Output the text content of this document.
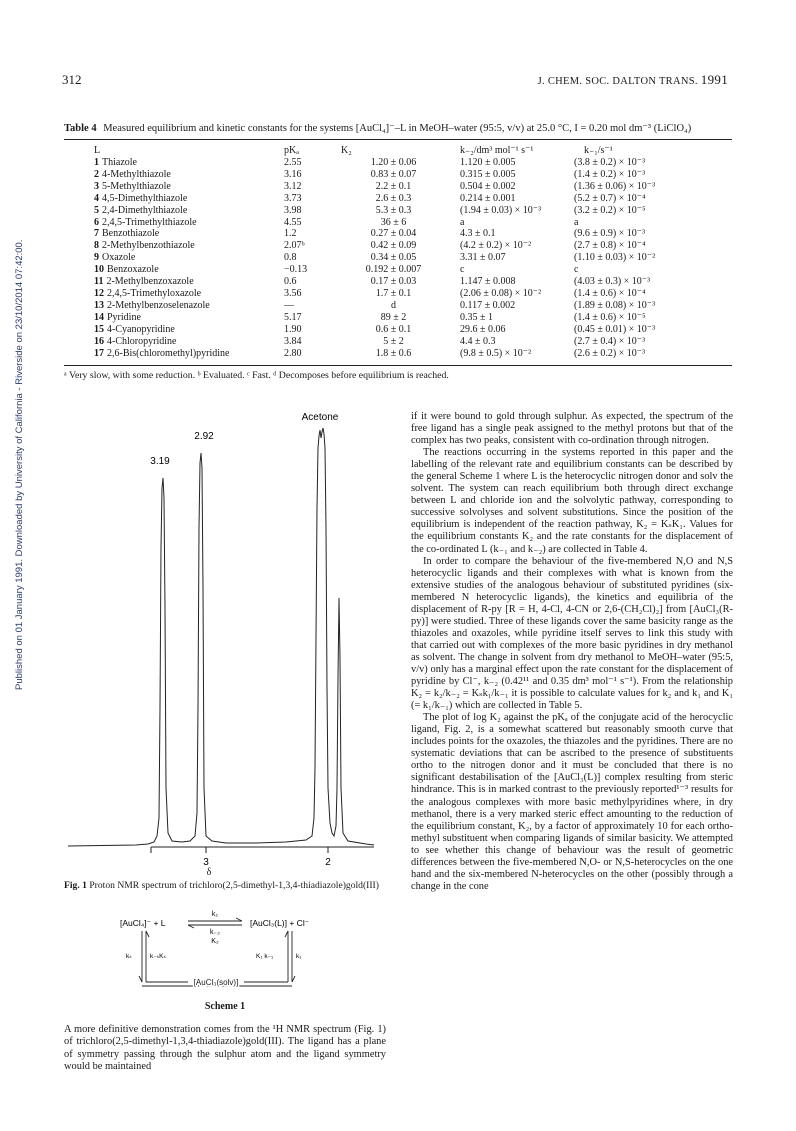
Published on 01 January 1991. Downloaded by University of California - Riverside on 23/10/2014 07:42:00.
312	J. CHEM. SOC. DALTON TRANS. 1991
Table 4 Measured equilibrium and kinetic constants for the systems [AuCl₄]⁻–L in MeOH–water (95:5, v/v) at 25.0 °C, I = 0.20 mol dm⁻³ (LiClO₄)
L	pKₐ	K₂	k₋₂/dm³ mol⁻¹ s⁻¹	k₋₁/s⁻¹
1 Thiazole	2.55	1.20 ± 0.06	1.120 ± 0.005	(3.8 ± 0.2) × 10⁻³
2 4-Methylthiazole	3.16	0.83 ± 0.07	0.315 ± 0.005	(1.4 ± 0.2) × 10⁻³
3 5-Methylthiazole	3.12	2.2 ± 0.1	0.504 ± 0.002	(1.36 ± 0.06) × 10⁻³
4 4,5-Dimethylthiazole	3.73	2.6 ± 0.3	0.214 ± 0.001	(5.2 ± 0.7) × 10⁻⁴
5 2,4-Dimethylthiazole	3.98	5.3 ± 0.3	(1.94 ± 0.03) × 10⁻³	(3.2 ± 0.2) × 10⁻⁵
6 2,4,5-Trimethylthiazole	4.55	36 ± 6	a	a
7 Benzothiazole	1.2	0.27 ± 0.04	4.3 ± 0.1	(9.6 ± 0.9) × 10⁻³
8 2-Methylbenzothiazole	2.07ᵇ	0.42 ± 0.09	(4.2 ± 0.2) × 10⁻²	(2.7 ± 0.8) × 10⁻⁴
9 Oxazole	0.8	0.34 ± 0.05	3.31 ± 0.07	(1.10 ± 0.03) × 10⁻²
10 Benzoxazole	−0.13	0.192 ± 0.007	c	c
11 2-Methylbenzoxazole	0.6	0.17 ± 0.03	1.147 ± 0.008	(4.03 ± 0.3) × 10⁻³
12 2,4,5-Trimethyloxazole	3.56	1.7 ± 0.1	(2.06 ± 0.08) × 10⁻²	(1.4 ± 0.6) × 10⁻⁴
13 2-Methylbenzoselenazole	—	d	0.117 ± 0.002	(1.89 ± 0.08) × 10⁻³
14 Pyridine	5.17	89 ± 2	0.35 ± 1	(1.4 ± 0.6) × 10⁻⁵
15 4-Cyanopyridine	1.90	0.6 ± 0.1	29.6 ± 0.06	(0.45 ± 0.01) × 10⁻³
16 4-Chloropyridine	3.84	5 ± 2	4.4 ± 0.3	(2.7 ± 0.4) × 10⁻³
17 2,6-Bis(chloromethyl)pyridine	2.80	1.8 ± 0.6	(9.8 ± 0.5) × 10⁻²	(2.6 ± 0.2) × 10⁻³
ᵃ Very slow, with some reduction. ᵇ Evaluated. ᶜ Fast. ᵈ Decomposes before equilibrium is reached.
Acetone
2.92
3.19
3	2
δ
Fig. 1 Proton NMR spectrum of trichloro(2,5-dimethyl-1,3,4-thiadiazole)gold(III)
[AuCl₄]⁻ + L	[AuCl₃(L)] + Cl⁻
k₂
k₋₂
K₂
kₛ	k₋ₛKₛ	K₁ k₋₁	k₁
[AuCl₃(solv)]
Scheme 1
A more definitive demonstration comes from the ¹H NMR spectrum (Fig. 1) of trichloro(2,5-dimethyl-1,3,4-thiadiazole)gold(III). The ligand has a plane of symmetry passing through the sulphur atom and the ligand symmetry would be maintained

if it were bound to gold through sulphur. As expected, the spectrum of the free ligand has a single peak assigned to the methyl protons but that of the complex has two peaks, consistent with co-ordination through nitrogen.

The reactions occurring in the systems reported in this paper and the labelling of the relevant rate and equilibrium constants can be described by the general Scheme 1 where L is the heterocyclic nitrogen donor and solv the solvent. The system can reach equilibrium both through direct exchange between L and chloride ion and the solvolytic pathway, corresponding to successive solvolyses and solvent substitutions. Since the position of the equilibrium is independent of the reaction pathway, K₂ = KₛK₁. Values for the equilibrium constants K₂ and the rate constants for the displacement of the co-ordinated L (k₋₁ and k₋₂) are collected in Table 4.

In order to compare the behaviour of the five-membered N,O and N,S heterocyclic ligands and their complexes with what is known from the extensive studies of the analogous behaviour of substituted pyridines (six-membered N heterocyclic ligands), the kinetics and equilibria of the displacement of R-py [R = H, 4-Cl, 4-CN or 2,6-(CH₂Cl)₂] from [AuCl₃(R-py)] were studied. Three of these ligands cover the same basicity range as the thiazoles and oxazoles, while pyridine itself serves to link this study with that carried out with complexes of the more basic pyridines in dry methanol as solvent. The change in solvent from dry methanol to MeOH–water (95:5, v/v) only has a marginal effect upon the rate constant for the displacement of pyridine by Cl⁻, k₋₂ (0.42¹¹ and 0.35 dm³ mol⁻¹ s⁻¹). From the relationship K₂ = k₂/k₋₂ = Kₛk₁/k₋₁ it is possible to calculate values for k₂ and k₁ and K₁ (= k₁/k₋₁) which are collected in Table 5.

The plot of log K₂ against the pKₐ of the conjugate acid of the herocyclic ligand, Fig. 2, is a somewhat scattered but reasonably smooth curve that includes points for the oxazoles, the thiazoles and the pyridines. There are no systematic deviations that can be ascribed to the presence of substituents ortho to the nitrogen donor and it must be concluded that there is no significant destabilisation of the [AuCl₃(L)] complex resulting from steric hindrance. This is in marked contrast to the previously reported¹⁻³ results for the analogous complexes with more basic methylpyridines where, in dry methanol, there is a very marked steric effect amounting to the reduction of the equilibrium constant, K₂, by a factor of approximately 10 for each ortho-methyl substituent when comparing ligands of similar basicity. We attempted to see whether this change of behaviour was the result of geometric differences between the five-membered N,O- or N,S-heterocycles on the one hand and the six-membered N-heterocycles on the other (possibly through a change in the cone
